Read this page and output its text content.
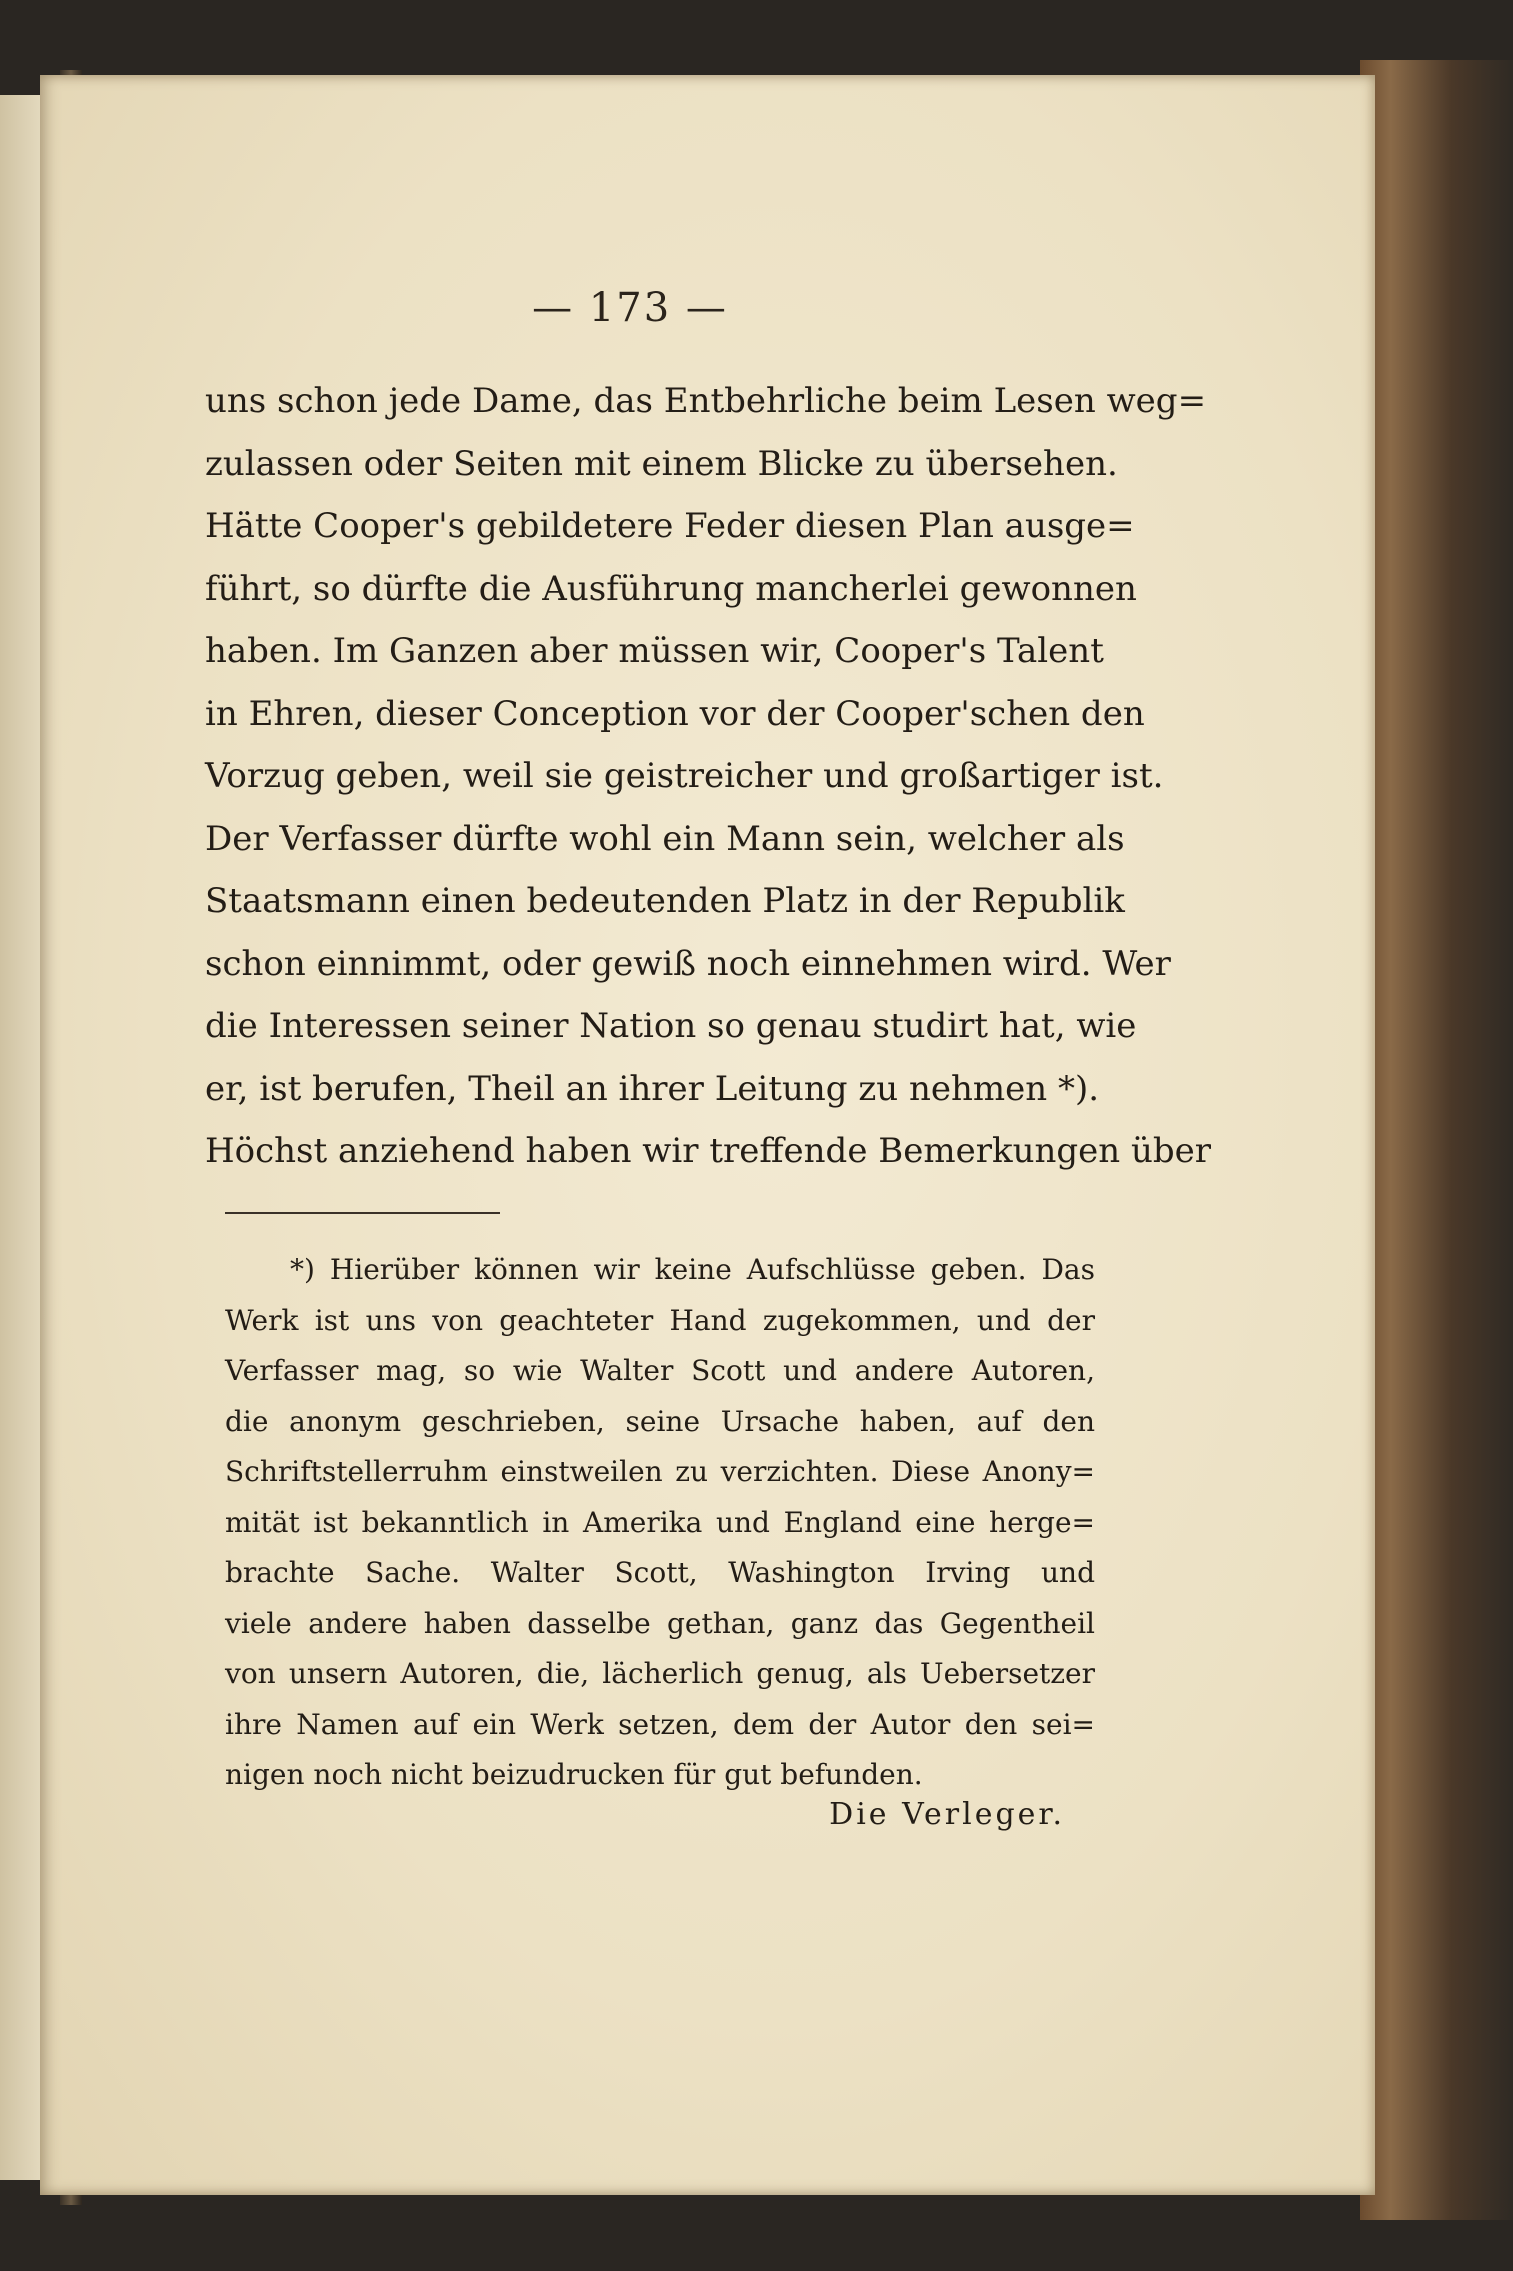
— 173 —
uns schon jede Dame, das Entbehrliche beim Lesen weg=
zulassen oder Seiten mit einem Blicke zu übersehen.
Hätte Cooper's gebildetere Feder diesen Plan ausge=
führt, so dürfte die Ausführung mancherlei gewonnen
haben. Im Ganzen aber müssen wir, Cooper's Talent
in Ehren, dieser Conception vor der Cooper'schen den
Vorzug geben, weil sie geistreicher und großartiger ist.
Der Verfasser dürfte wohl ein Mann sein, welcher als
Staatsmann einen bedeutenden Platz in der Republik
schon einnimmt, oder gewiß noch einnehmen wird. Wer
die Interessen seiner Nation so genau studirt hat, wie
er, ist berufen, Theil an ihrer Leitung zu nehmen *).
Höchst anziehend haben wir treffende Bemerkungen über
*) Hierüber können wir keine Aufschlüsse geben. Das
Werk ist uns von geachteter Hand zugekommen, und der
Verfasser mag, so wie Walter Scott und andere Autoren,
die anonym geschrieben, seine Ursache haben, auf den
Schriftstellerruhm einstweilen zu verzichten. Diese Anony=
mität ist bekanntlich in Amerika und England eine herge=
brachte Sache. Walter Scott, Washington Irving und
viele andere haben dasselbe gethan, ganz das Gegentheil
von unsern Autoren, die, lächerlich genug, als Uebersetzer
ihre Namen auf ein Werk setzen, dem der Autor den sei=
nigen noch nicht beizudrucken für gut befunden.
Die Verleger.
